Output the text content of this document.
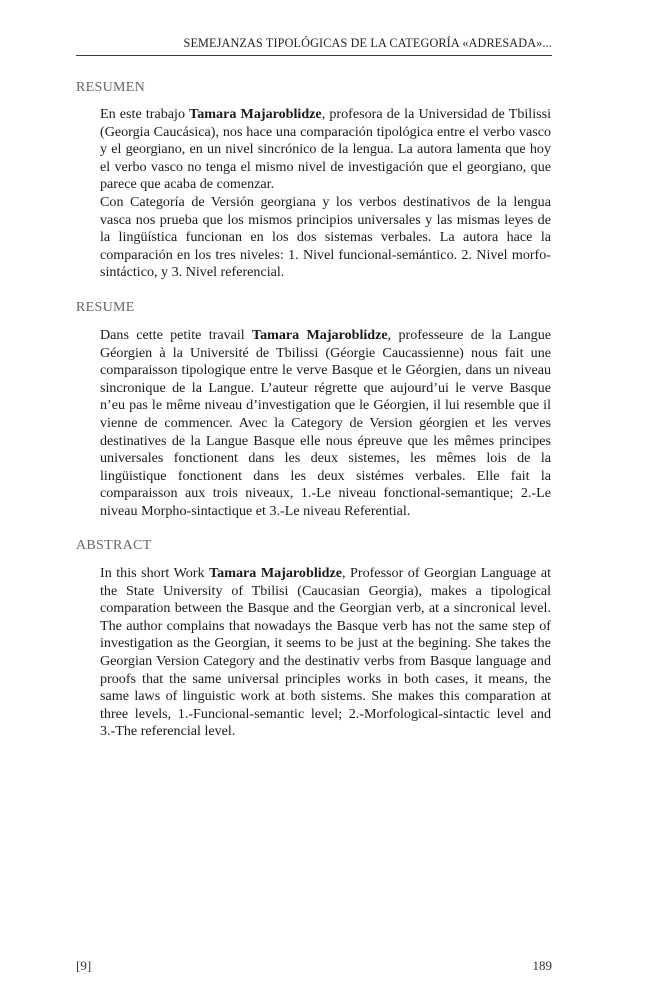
SEMEJANZAS TIPOLÓGICAS DE LA CATEGORÍA «ADRESADA»...
RESUMEN

En este trabajo Tamara Majaroblidze, profesora de la Universidad de Tbilissi (Georgia Caucásica), nos hace una comparación tipológica entre el verbo vasco y el georgiano, en un nivel sincrónico de la lengua. La autora lamenta que hoy el verbo vasco no tenga el mismo nivel de investigación que el georgiano, que parece que acaba de comenzar.

Con Categoría de Versión georgiana y los verbos destinativos de la lengua vasca nos prueba que los mismos principios universales y las mismas leyes de la lingüística funcionan en los dos sistemas verbales. La autora hace la comparación en los tres niveles: 1. Nivel funcional-semántico. 2. Nivel morfo-sintáctico, y 3. Nivel referencial.

RESUME

Dans cette petite travail Tamara Majaroblidze, professeure de la Langue Géorgien à la Université de Tbilissi (Géorgie Caucassienne) nous fait une comparaisson tipologique entre le verve Basque et le Géorgien, dans un niveau sincronique de la Langue. L’auteur régrette que aujourd’ui le verve Basque n’eu pas le même niveau d’investigation que le Géorgien, il lui resemble que il vienne de commencer. Avec la Category de Version géorgien et les verves destinatives de la Langue Basque elle nous épreuve que les mêmes principes universales fonctionent dans les deux sistemes, les mêmes lois de la lingüistique fonctionent dans les deux sistémes verbales. Elle fait la comparaisson aux trois niveaux, 1.-Le niveau fonctional-semantique; 2.-Le niveau Morpho-sintactique et 3.-Le niveau Referential.

ABSTRACT

In this short Work Tamara Majaroblidze, Professor of Georgian Language at the State University of Tbilisi (Caucasian Georgia), makes a tipological comparation between the Basque and the Georgian verb, at a sincronical level. The author complains that nowadays the Basque verb has not the same step of investigation as the Georgian, it seems to be just at the begining. She takes the Georgian Version Category and the destinativ verbs from Basque language and proofs that the same universal principles works in both cases, it means, the same laws of linguistic work at both sistems. She makes this comparation at three levels, 1.-Funcional-semantic level; 2.-Morfological-sintactic level and 3.-The referencial level.

[9]	189
